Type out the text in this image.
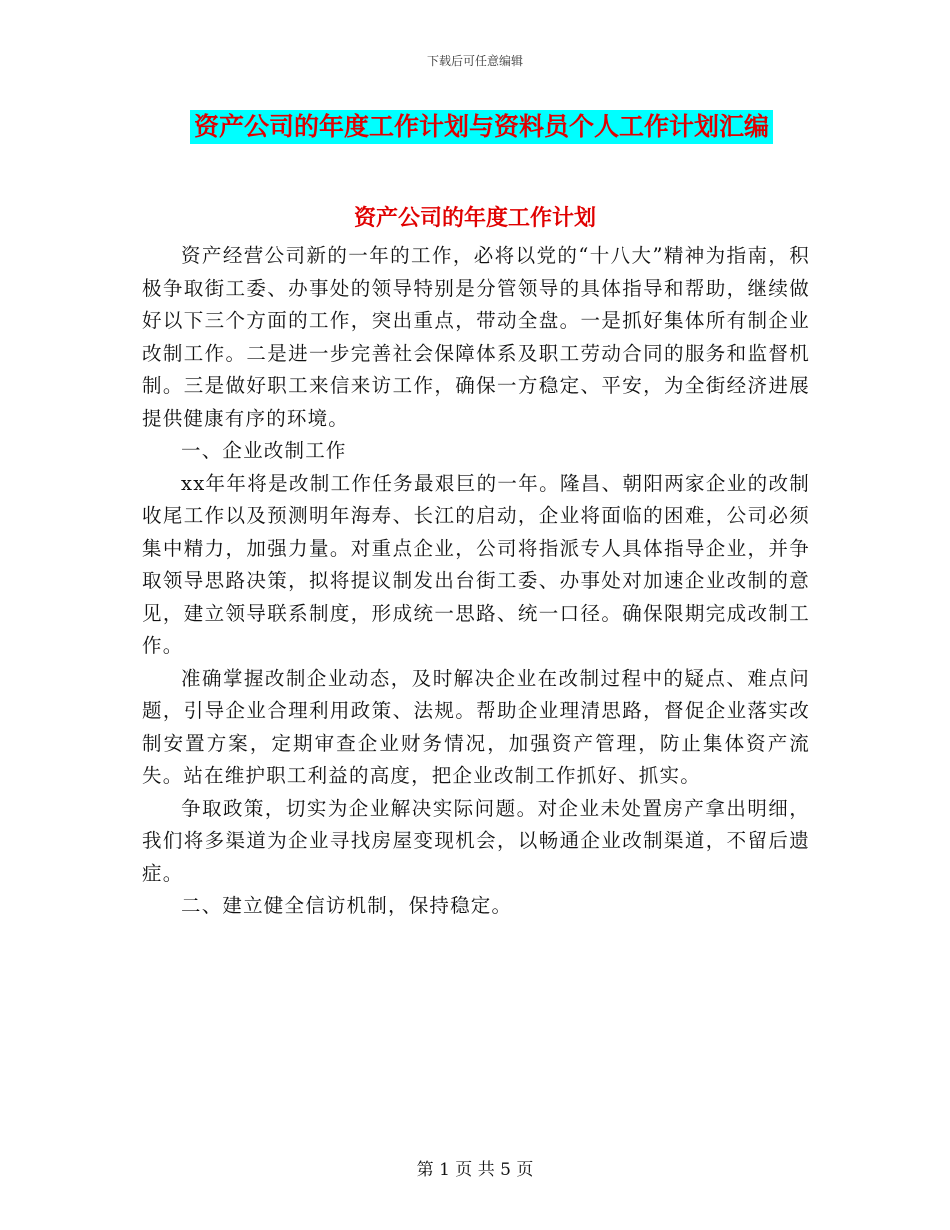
下载后可任意编辑
资产公司的年度工作计划与资料员个人工作计划汇编
资产公司的年度工作计划

资产经营公司新的一年的工作，必将以党的“十八大”精神为指南，积极争取街工委、办事处的领导特别是分管领导的具体指导和帮助，继续做好以下三个方面的工作，突出重点，带动全盘。一是抓好集体所有制企业改制工作。二是进一步完善社会保障体系及职工劳动合同的服务和监督机制。三是做好职工来信来访工作，确保一方稳定、平安，为全街经济进展提供健康有序的环境。

一、企业改制工作

xx年年将是改制工作任务最艰巨的一年。隆昌、朝阳两家企业的改制收尾工作以及预测明年海寿、长江的启动，企业将面临的困难，公司必须集中精力，加强力量。对重点企业，公司将指派专人具体指导企业，并争取领导思路决策，拟将提议制发出台街工委、办事处对加速企业改制的意见，建立领导联系制度，形成统一思路、统一口径。确保限期完成改制工作。

准确掌握改制企业动态，及时解决企业在改制过程中的疑点、难点问题，引导企业合理利用政策、法规。帮助企业理清思路，督促企业落实改制安置方案，定期审查企业财务情况，加强资产管理，防止集体资产流失。站在维护职工利益的高度，把企业改制工作抓好、抓实。

争取政策，切实为企业解决实际问题。对企业未处置房产拿出明细，我们将多渠道为企业寻找房屋变现机会，以畅通企业改制渠道，不留后遗症。

二、建立健全信访机制，保持稳定。

第 1 页 共 5 页
